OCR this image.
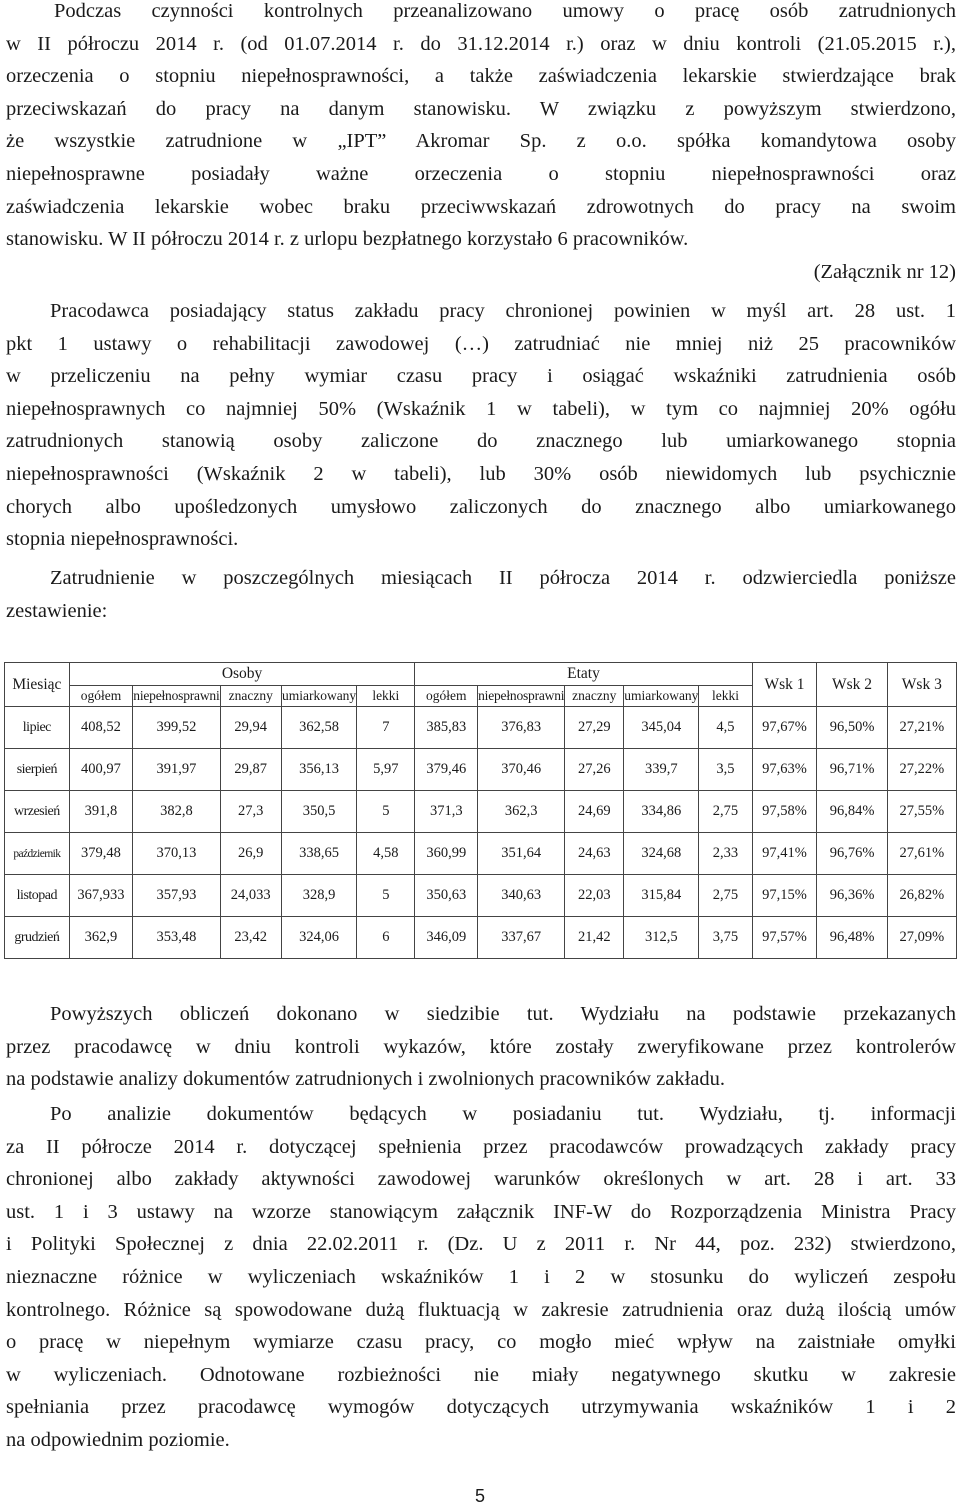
Podczas czynności kontrolnych przeanalizowano umowy o pracę osób zatrudnionych
w II półroczu 2014 r. (od 01.07.2014 r. do 31.12.2014 r.) oraz w dniu kontroli (21.05.2015 r.),
orzeczenia o stopniu niepełnosprawności, a także zaświadczenia lekarskie stwierdzające brak
przeciwskazań do pracy na danym stanowisku. W związku z powyższym stwierdzono,
że wszystkie zatrudnione w „IPT” Akromar Sp. z o.o. spółka komandytowa osoby
niepełnosprawne posiadały ważne orzeczenia o stopniu niepełnosprawności oraz
zaświadczenia lekarskie wobec braku przeciwwskazań zdrowotnych do pracy na swoim
stanowisku. W II półroczu 2014 r. z urlopu bezpłatnego korzystało 6 pracowników.
(Załącznik nr 12)

Pracodawca posiadający status zakładu pracy chronionej powinien w myśl art. 28 ust. 1
pkt 1 ustawy o rehabilitacji zawodowej (…) zatrudniać nie mniej niż 25 pracowników
w przeliczeniu na pełny wymiar czasu pracy i osiągać wskaźniki zatrudnienia osób
niepełnosprawnych co najmniej 50% (Wskaźnik 1 w tabeli), w tym co najmniej 20% ogółu
zatrudnionych stanowią osoby zaliczone do znacznego lub umiarkowanego stopnia
niepełnosprawności (Wskaźnik 2 w tabeli), lub 30% osób niewidomych lub psychicznie
chorych albo upośledzonych umysłowo zaliczonych do znacznego albo umiarkowanego
stopnia niepełnosprawności.

Zatrudnienie w poszczególnych miesiącach II półrocza 2014 r. odzwierciedla poniższe
zestawienie:

Miesiąc	Osoby					Etaty					Wsk 1	Wsk 2	Wsk 3
	ogółem	niepełnosprawni	znaczny	umiarkowany	lekki	ogółem	niepełnosprawni	znaczny	umiarkowany	lekki			
lipiec	408,52	399,52	29,94	362,58	7	385,83	376,83	27,29	345,04	4,5	97,67%	96,50%	27,21%
sierpień	400,97	391,97	29,87	356,13	5,97	379,46	370,46	27,26	339,7	3,5	97,63%	96,71%	27,22%
wrzesień	391,8	382,8	27,3	350,5	5	371,3	362,3	24,69	334,86	2,75	97,58%	96,84%	27,55%
październik	379,48	370,13	26,9	338,65	4,58	360,99	351,64	24,63	324,68	2,33	97,41%	96,76%	27,61%
listopad	367,933	357,93	24,033	328,9	5	350,63	340,63	22,03	315,84	2,75	97,15%	96,36%	26,82%
grudzień	362,9	353,48	23,42	324,06	6	346,09	337,67	21,42	312,5	3,75	97,57%	96,48%	27,09%

Powyższych obliczeń dokonano w siedzibie tut. Wydziału na podstawie przekazanych
przez pracodawcę w dniu kontroli wykazów, które zostały zweryfikowane przez kontrolerów
na podstawie analizy dokumentów zatrudnionych i zwolnionych pracowników zakładu.

Po analizie dokumentów będących w posiadaniu tut. Wydziału, tj. informacji
za II półrocze 2014 r. dotyczącej spełnienia przez pracodawców prowadzących zakłady pracy
chronionej albo zakłady aktywności zawodowej warunków określonych w art. 28 i art. 33
ust. 1 i 3 ustawy na wzorze stanowiącym załącznik INF-W do Rozporządzenia Ministra Pracy
i Polityki Społecznej z dnia 22.02.2011 r. (Dz. U z 2011 r. Nr 44, poz. 232) stwierdzono,
nieznaczne różnice w wyliczeniach wskaźników 1 i 2 w stosunku do wyliczeń zespołu
kontrolnego. Różnice są spowodowane dużą fluktuacją w zakresie zatrudnienia oraz dużą ilością umów
o pracę w niepełnym wymiarze czasu pracy, co mogło mieć wpływ na zaistniałe omyłki
w wyliczeniach. Odnotowane rozbieżności nie miały negatywnego skutku w zakresie
spełniania przez pracodawcę wymogów dotyczących utrzymywania wskaźników 1 i 2
na odpowiednim poziomie.

5
